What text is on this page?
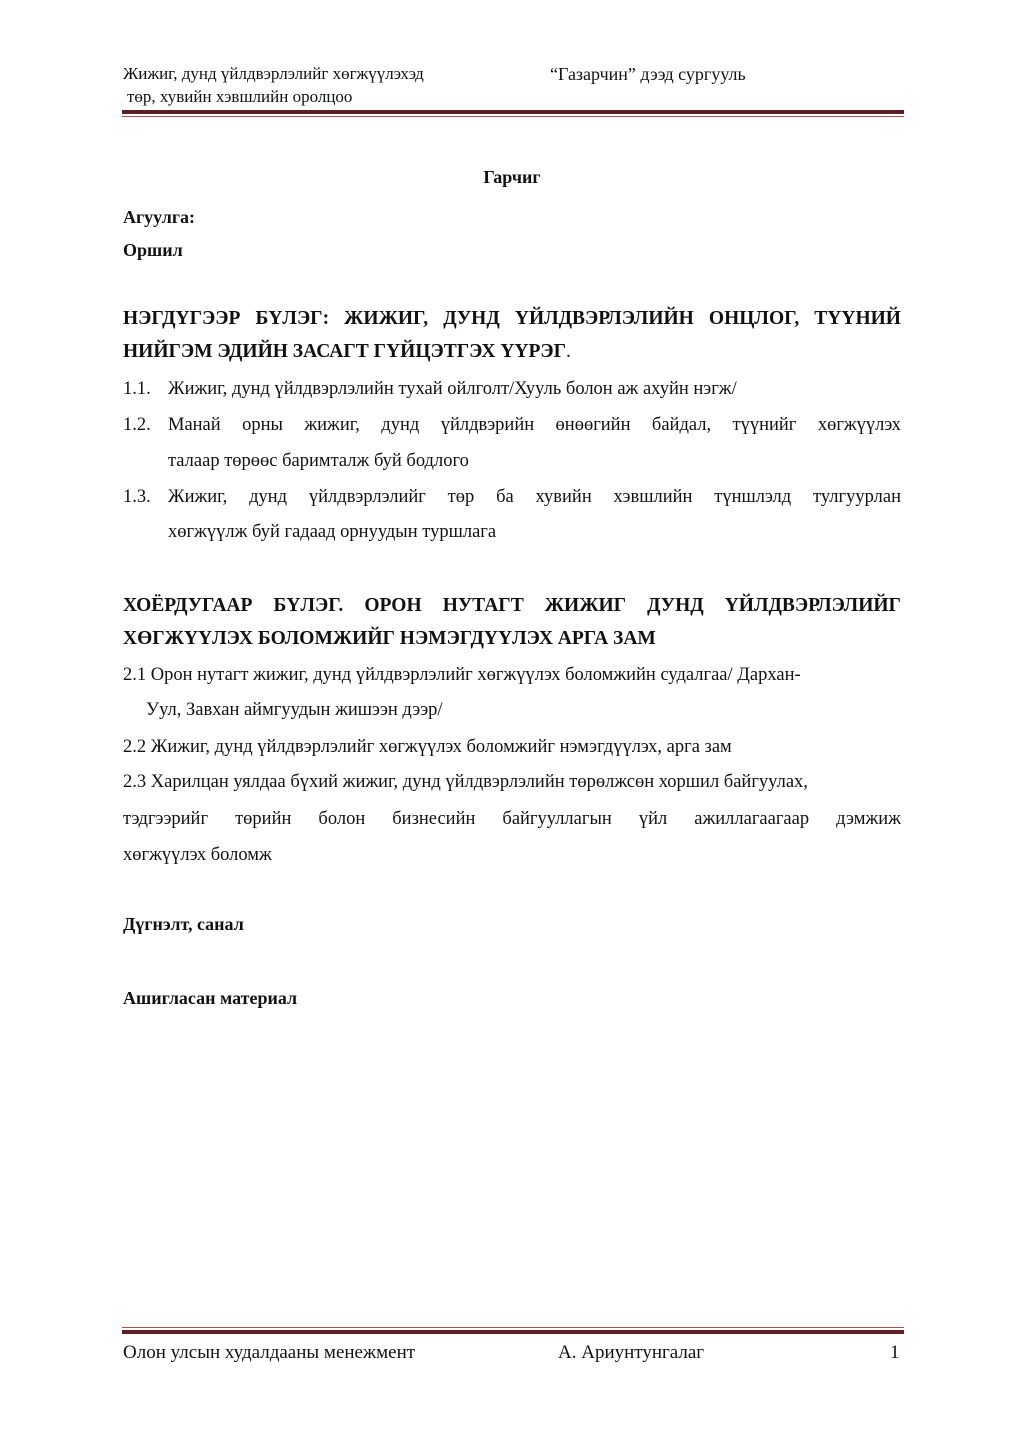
Жижиг, дунд үйлдвэрлэлийг хөгжүүлэхэд
төр, хувийн хэвшлийн оролцоо
“Газарчин” дээд сургууль
Гарчиг
Агуулга:
Оршил
НЭГДҮГЭЭР БҮЛЭГ: ЖИЖИГ, ДУНД ҮЙЛДВЭРЛЭЛИЙН ОНЦЛОГ, ТҮҮНИЙ
НИЙГЭМ ЭДИЙН ЗАСАГТ ГҮЙЦЭТГЭХ ҮҮРЭГ.
1.1. Жижиг, дунд үйлдвэрлэлийн тухай ойлголт/Хууль болон аж ахуйн нэгж/
1.2. Манай орны жижиг, дунд үйлдвэрийн өнөөгийн байдал, түүнийг хөгжүүлэх
талаар төрөөс баримталж буй бодлого
1.3. Жижиг, дунд үйлдвэрлэлийг төр ба хувийн хэвшлийн түншлэлд тулгуурлан
хөгжүүлж буй гадаад орнуудын туршлага
ХОЁРДУГААР БҮЛЭГ. ОРОН НУТАГТ ЖИЖИГ ДУНД ҮЙЛДВЭРЛЭЛИЙГ
ХӨГЖҮҮЛЭХ БОЛОМЖИЙГ НЭМЭГДҮҮЛЭХ АРГА ЗАМ
2.1 Орон нутагт жижиг, дунд үйлдвэрлэлийг хөгжүүлэх боломжийн судалгаа/ Дархан-
Уул, Завхан аймгуудын жишээн дээр/
2.2 Жижиг, дунд үйлдвэрлэлийг хөгжүүлэх боломжийг нэмэгдүүлэх, арга зам
2.3 Харилцан уялдаа бүхий жижиг, дунд үйлдвэрлэлийн төрөлжсөн хоршил байгуулах,
тэдгээрийг төрийн болон бизнесийн байгууллагын үйл ажиллагаагаар дэмжиж
хөгжүүлэх боломж
Дүгнэлт, санал
Ашигласан материал
Олон улсын худалдааны менежмент	А. Ариунтунгалаг	1
